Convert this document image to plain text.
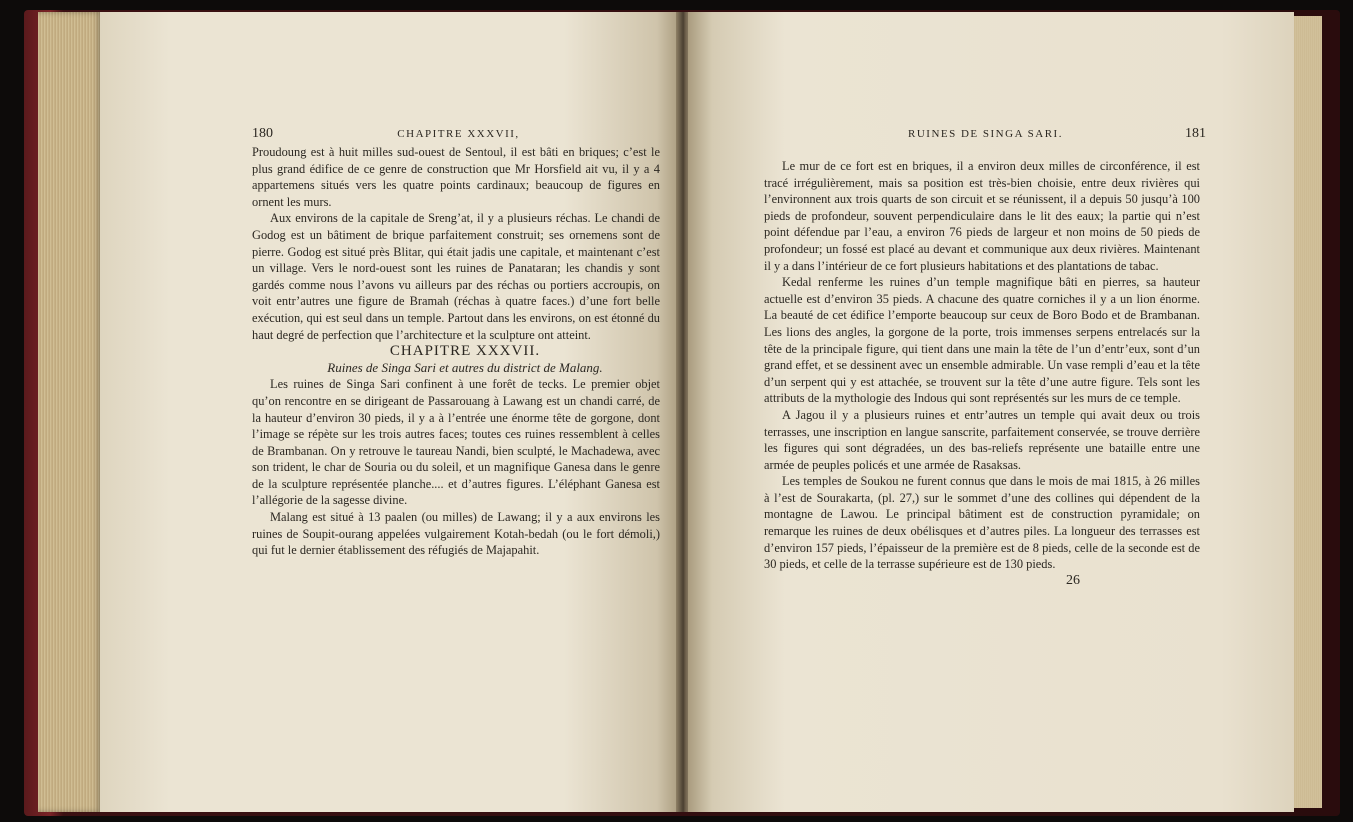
180	CHAPITRE XXXVII,

Proudoung est à huit milles sud-ouest de Sentoul, il est bâti en briques; c’est le plus grand édifice de ce genre de construction que Mr Horsfield ait vu, il y a 4 appartemens situés vers les quatre points cardinaux; beaucoup de figures en ornent les murs.

Aux environs de la capitale de Sreng’at, il y a plusieurs réchas. Le chandi de Godog est un bâtiment de brique parfaitement construit; ses ornemens sont de pierre. Godog est situé près Blitar, qui était jadis une capitale, et maintenant c’est un village. Vers le nord-ouest sont les ruines de Panataran; les chandis y sont gardés comme nous l’avons vu ailleurs par des réchas ou portiers accroupis, on voit entr’autres une figure de Bramah (réchas à quatre faces.) d’une fort belle exécution, qui est seul dans un temple. Partout dans les environs, on est étonné du haut degré de perfection que l’architecture et la sculpture ont atteint.

CHAPITRE XXXVII.

Ruines de Singa Sari et autres du district de Malang.

Les ruines de Singa Sari confinent à une forêt de tecks. Le premier objet qu’on rencontre en se dirigeant de Passarouang à Lawang est un chandi carré, de la hauteur d’environ 30 pieds, il y a à l’entrée une énorme tête de gorgone, dont l’image se répète sur les trois autres faces; toutes ces ruines ressemblent à celles de Brambanan. On y retrouve le taureau Nandi, bien sculpté, le Machadewa, avec son trident, le char de Souria ou du soleil, et un magnifique Ganesa dans le genre de la sculpture représentée planche.... et d’autres figures. L’éléphant Ganesa est l’allégorie de la sagesse divine.

Malang est situé à 13 paalen (ou milles) de Lawang; il y a aux environs les ruines de Soupit-ourang appelées vulgairement Kotah-bedah (ou le fort démoli,) qui fut le dernier établissement des réfugiés de Majapahit.

RUINES DE SINGA SARI.	181

Le mur de ce fort est en briques, il a environ deux milles de circonférence, il est tracé irrégulièrement, mais sa position est très-bien choisie, entre deux rivières qui l’environnent aux trois quarts de son circuit et se réunissent, il a depuis 50 jusqu’à 100 pieds de profondeur, souvent perpendiculaire dans le lit des eaux; la partie qui n’est point défendue par l’eau, a environ 76 pieds de largeur et non moins de 50 pieds de profondeur; un fossé est placé au devant et communique aux deux rivières. Maintenant il y a dans l’intérieur de ce fort plusieurs habitations et des plantations de tabac.

Kedal renferme les ruines d’un temple magnifique bâti en pierres, sa hauteur actuelle est d’environ 35 pieds. A chacune des quatre corniches il y a un lion énorme. La beauté de cet édifice l’emporte beaucoup sur ceux de Boro Bodo et de Brambanan. Les lions des angles, la gorgone de la porte, trois immenses serpens entrelacés sur la tête de la principale figure, qui tient dans une main la tête de l’un d’entr’eux, sont d’un grand effet, et se dessinent avec un ensemble admirable. Un vase rempli d’eau et la tête d’un serpent qui y est attachée, se trouvent sur la tête d’une autre figure. Tels sont les attributs de la mythologie des Indous qui sont représentés sur les murs de ce temple.

A Jagou il y a plusieurs ruines et entr’autres un temple qui avait deux ou trois terrasses, une inscription en langue sanscrite, parfaitement conservée, se trouve derrière les figures qui sont dégradées, un des bas-reliefs représente une bataille entre une armée de peuples policés et une armée de Rasaksas.

Les temples de Soukou ne furent connus que dans le mois de mai 1815, à 26 milles à l’est de Sourakarta, (pl. 27,) sur le sommet d’une des collines qui dépendent de la montagne de Lawou. Le principal bâtiment est de construction pyramidale; on remarque les ruines de deux obélisques et d’autres piles. La longueur des terrasses est d’environ 157 pieds, l’épaisseur de la première est de 8 pieds, celle de la seconde est de 30 pieds, et celle de la terrasse supérieure est de 130 pieds.

26
